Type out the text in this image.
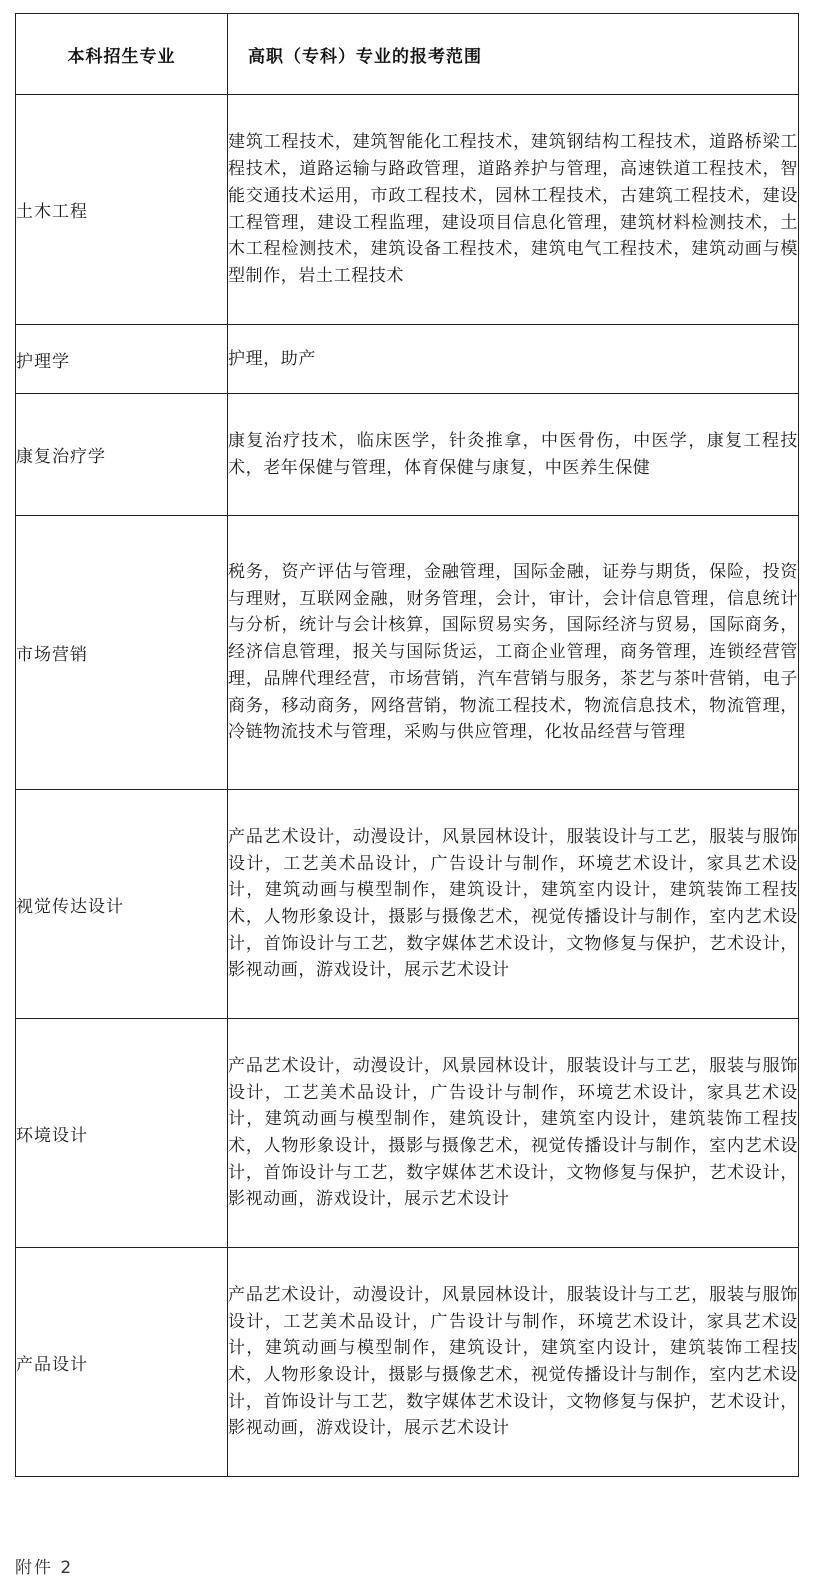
本科招生专业	高职（专科）专业的报考范围
土木工程	建筑工程技术，建筑智能化工程技术，建筑钢结构工程技术，道路桥梁工程技术，道路运输与路政管理，道路养护与管理，高速铁道工程技术，智能交通技术运用，市政工程技术，园林工程技术，古建筑工程技术，建设工程管理，建设工程监理，建设项目信息化管理，建筑材料检测技术，土木工程检测技术，建筑设备工程技术，建筑电气工程技术，建筑动画与模型制作，岩土工程技术
护理学	护理，助产
康复治疗学	康复治疗技术，临床医学，针灸推拿，中医骨伤，中医学，康复工程技术，老年保健与管理，体育保健与康复，中医养生保健
市场营销	税务，资产评估与管理，金融管理，国际金融，证券与期货，保险，投资与理财，互联网金融，财务管理，会计，审计，会计信息管理，信息统计与分析，统计与会计核算，国际贸易实务，国际经济与贸易，国际商务，经济信息管理，报关与国际货运，工商企业管理，商务管理，连锁经营管理，品牌代理经营，市场营销，汽车营销与服务，茶艺与茶叶营销，电子商务，移动商务，网络营销，物流工程技术，物流信息技术，物流管理，冷链物流技术与管理，采购与供应管理，化妆品经营与管理
视觉传达设计	产品艺术设计，动漫设计，风景园林设计，服装设计与工艺，服装与服饰设计，工艺美术品设计，广告设计与制作，环境艺术设计，家具艺术设计，建筑动画与模型制作，建筑设计，建筑室内设计，建筑装饰工程技术，人物形象设计，摄影与摄像艺术，视觉传播设计与制作，室内艺术设计，首饰设计与工艺，数字媒体艺术设计，文物修复与保护，艺术设计，影视动画，游戏设计，展示艺术设计
环境设计	产品艺术设计，动漫设计，风景园林设计，服装设计与工艺，服装与服饰设计，工艺美术品设计，广告设计与制作，环境艺术设计，家具艺术设计，建筑动画与模型制作，建筑设计，建筑室内设计，建筑装饰工程技术，人物形象设计，摄影与摄像艺术，视觉传播设计与制作，室内艺术设计，首饰设计与工艺，数字媒体艺术设计，文物修复与保护，艺术设计，影视动画，游戏设计，展示艺术设计
产品设计	产品艺术设计，动漫设计，风景园林设计，服装设计与工艺，服装与服饰设计，工艺美术品设计，广告设计与制作，环境艺术设计，家具艺术设计，建筑动画与模型制作，建筑设计，建筑室内设计，建筑装饰工程技术，人物形象设计，摄影与摄像艺术，视觉传播设计与制作，室内艺术设计，首饰设计与工艺，数字媒体艺术设计，文物修复与保护，艺术设计，影视动画，游戏设计，展示艺术设计
附件 2
